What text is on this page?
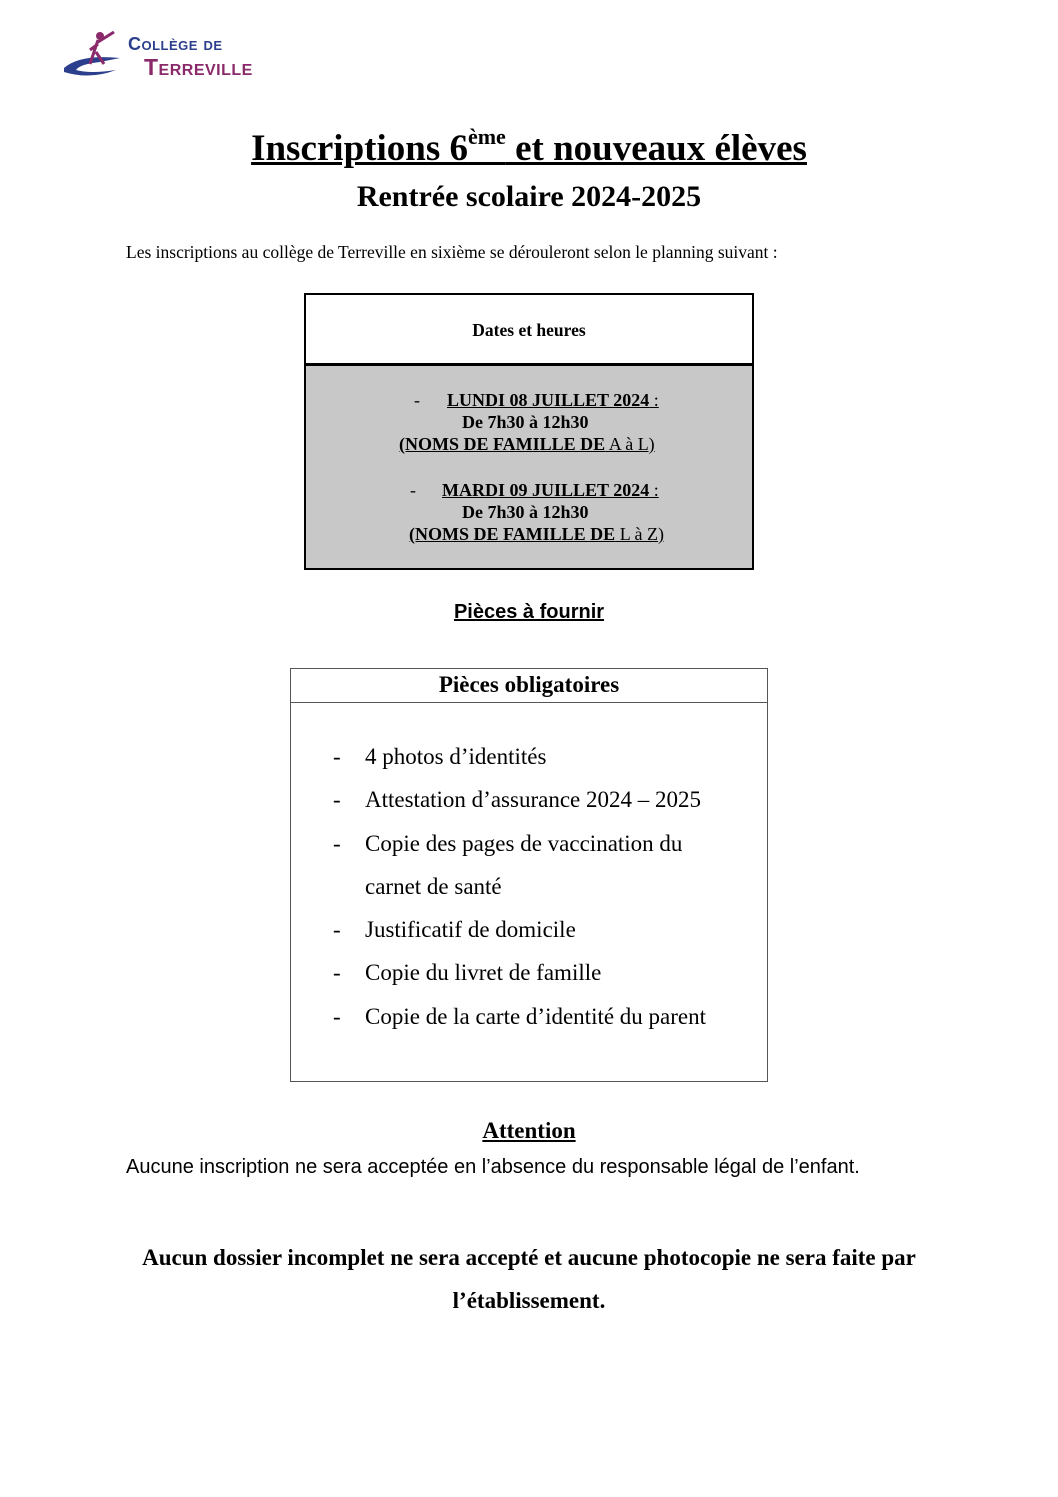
Collège de
Terreville
Inscriptions 6ème et nouveaux élèves
Rentrée scolaire 2024-2025
Les inscriptions au collège de Terreville en sixième se dérouleront selon le planning suivant :
Dates et heures
- LUNDI 08 JUILLET 2024 :
De 7h30 à 12h30
(NOMS DE FAMILLE DE A à L)
- MARDI 09 JUILLET 2024 :
De 7h30 à 12h30
(NOMS DE FAMILLE DE L à Z)
Pièces à fournir
Pièces obligatoires
- 4 photos d’identités
- Attestation d’assurance 2024 – 2025
- Copie des pages de vaccination du carnet de santé
- Justificatif de domicile
- Copie du livret de famille
- Copie de la carte d’identité du parent
Attention
Aucune inscription ne sera acceptée en l’absence du responsable légal de l’enfant.
Aucun dossier incomplet ne sera accepté et aucune photocopie ne sera faite par l’établissement.
